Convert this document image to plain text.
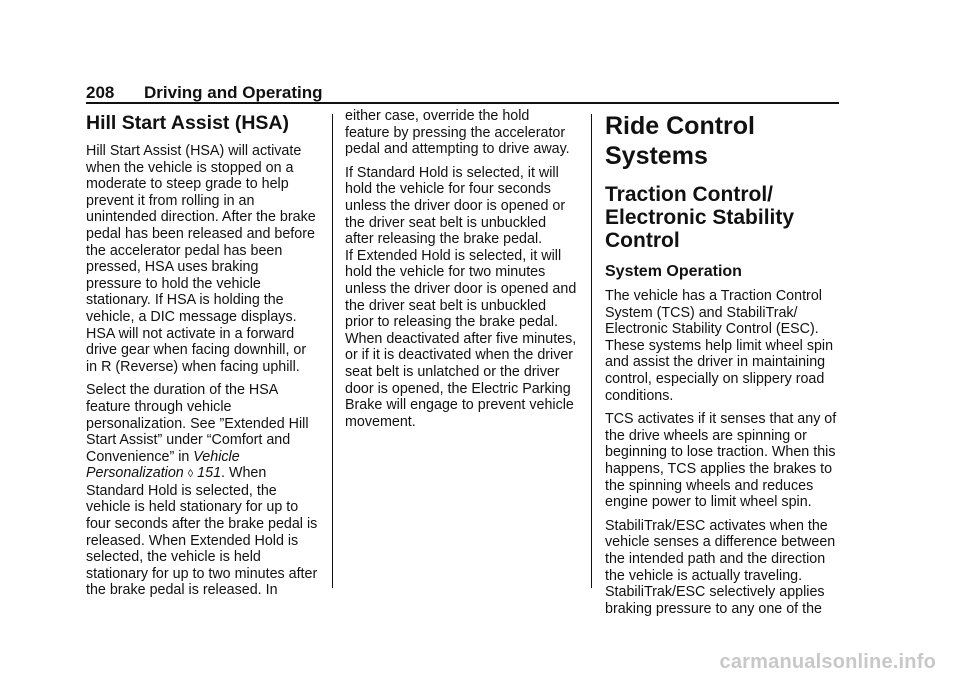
208 Driving and Operating
Hill Start Assist (HSA)

Hill Start Assist (HSA) will activate when the vehicle is stopped on a moderate to steep grade to help prevent it from rolling in an unintended direction. After the brake pedal has been released and before the accelerator pedal has been pressed, HSA uses braking pressure to hold the vehicle stationary. If HSA is holding the vehicle, a DIC message displays. HSA will not activate in a forward drive gear when facing downhill, or in R (Reverse) when facing uphill.

Select the duration of the HSA feature through vehicle personalization. See ”Extended Hill Start Assist” under “Comfort and Convenience” in Vehicle Personalization ◊ 151. When Standard Hold is selected, the vehicle is held stationary for up to four seconds after the brake pedal is released. When Extended Hold is selected, the vehicle is held stationary for up to two minutes after the brake pedal is released. In

either case, override the hold feature by pressing the accelerator pedal and attempting to drive away.

If Standard Hold is selected, it will hold the vehicle for four seconds unless the driver door is opened or the driver seat belt is unbuckled after releasing the brake pedal.

If Extended Hold is selected, it will hold the vehicle for two minutes unless the driver door is opened and the driver seat belt is unbuckled prior to releasing the brake pedal. When deactivated after five minutes, or if it is deactivated when the driver seat belt is unlatched or the driver door is opened, the Electric Parking Brake will engage to prevent vehicle movement.

Ride Control Systems
Traction Control/ Electronic Stability Control
System Operation

The vehicle has a Traction Control System (TCS) and StabiliTrak/ Electronic Stability Control (ESC). These systems help limit wheel spin and assist the driver in maintaining control, especially on slippery road conditions.

TCS activates if it senses that any of the drive wheels are spinning or beginning to lose traction. When this happens, TCS applies the brakes to the spinning wheels and reduces engine power to limit wheel spin.

StabiliTrak/ESC activates when the vehicle senses a difference between the intended path and the direction the vehicle is actually traveling. StabiliTrak/ESC selectively applies braking pressure to any one of the

carmanualsonline.info
